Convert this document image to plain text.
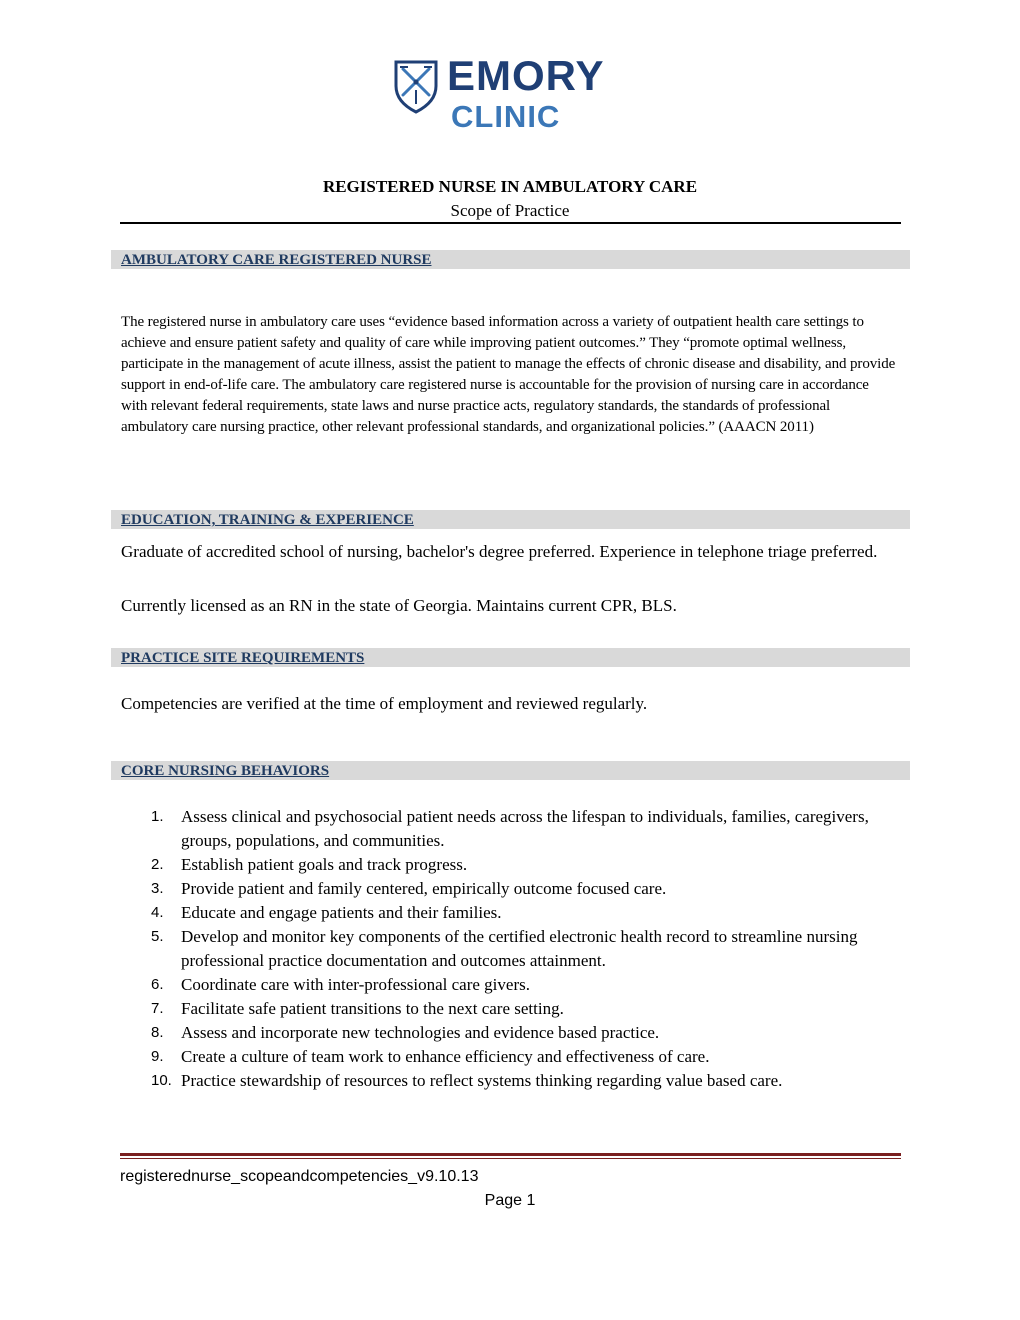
EMORY
CLINIC
REGISTERED NURSE IN AMBULATORY CARE
Scope of Practice
AMBULATORY CARE REGISTERED NURSE
The registered nurse in ambulatory care uses “evidence based information across a variety of outpatient health care settings to achieve and ensure patient safety and quality of care while improving patient outcomes.” They “promote optimal wellness, participate in the management of acute illness, assist the patient to manage the effects of chronic disease and disability, and provide support in end-of-life care. The ambulatory care registered nurse is accountable for the provision of nursing care in accordance with relevant federal requirements, state laws and nurse practice acts, regulatory standards, the standards of professional ambulatory care nursing practice, other relevant professional standards, and organizational policies.” (AAACN 2011)
EDUCATION, TRAINING & EXPERIENCE
Graduate of accredited school of nursing, bachelor's degree preferred. Experience in telephone triage preferred.
Currently licensed as an RN in the state of Georgia. Maintains current CPR, BLS.
PRACTICE SITE REQUIREMENTS
Competencies are verified at the time of employment and reviewed regularly.
CORE NURSING BEHAVIORS
1.	Assess clinical and psychosocial patient needs across the lifespan to individuals, families, caregivers, groups, populations, and communities.
2.	Establish patient goals and track progress.
3.	Provide patient and family centered, empirically outcome focused care.
4.	Educate and engage patients and their families.
5.	Develop and monitor key components of the certified electronic health record to streamline nursing professional practice documentation and outcomes attainment.
6.	Coordinate care with inter-professional care givers.
7.	Facilitate safe patient transitions to the next care setting.
8.	Assess and incorporate new technologies and evidence based practice.
9.	Create a culture of team work to enhance efficiency and effectiveness of care.
10. Practice stewardship of resources to reflect systems thinking regarding value based care.
registerednurse_scopeandcompetencies_v9.10.13
Page 1
